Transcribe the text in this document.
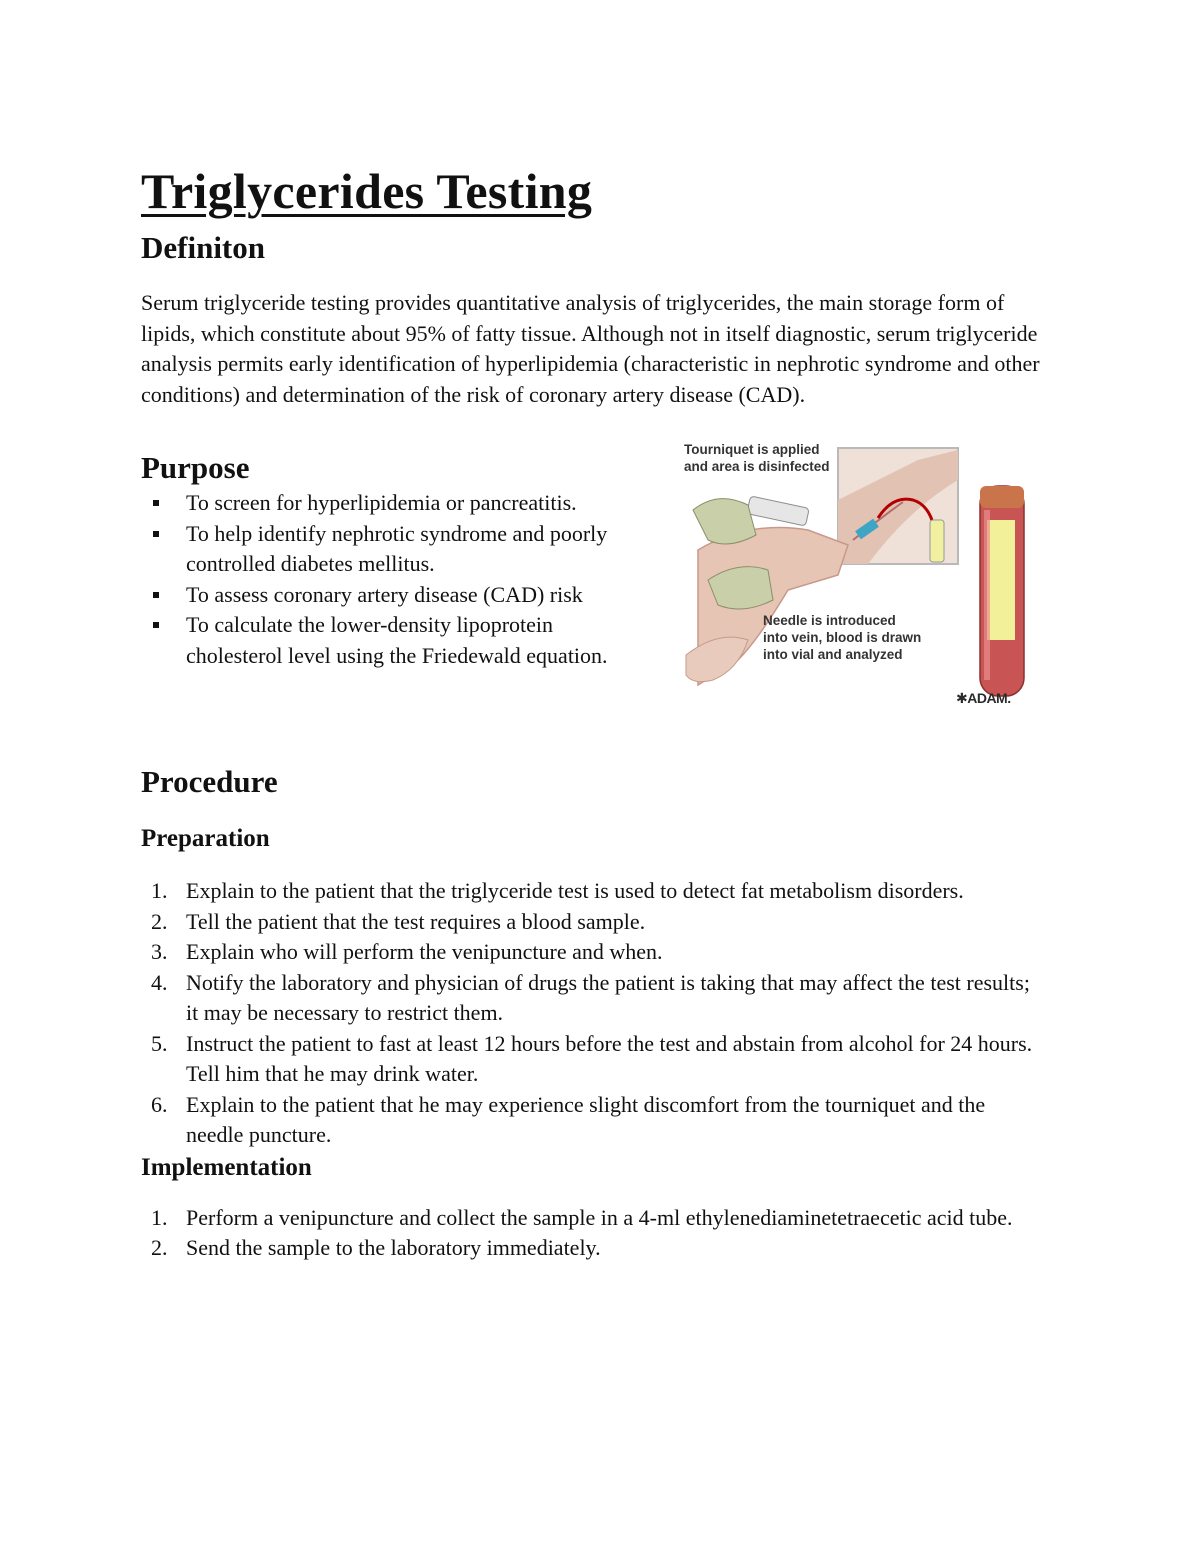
Triglycerides Testing
Definiton

Serum triglyceride testing provides quantitative analysis of triglycerides, the main storage form of lipids, which constitute about 95% of fatty tissue. Although not in itself diagnostic, serum triglyceride analysis permits early identification of hyperlipidemia (characteristic in nephrotic syndrome and other conditions) and determination of the risk of coronary artery disease (CAD).

Purpose
To screen for hyperlipidemia or pancreatitis.
To help identify nephrotic syndrome and poorly controlled diabetes mellitus.
To assess coronary artery disease (CAD) risk
To calculate the lower-density lipoprotein cholesterol level using the Friedewald equation.
Tourniquet is applied
and area is disinfected
Needle is introduced
into vein, blood is drawn
into vial and analyzed
✱ADAM.
Procedure
Preparation
1. Explain to the patient that the triglyceride test is used to detect fat metabolism disorders.
2. Tell the patient that the test requires a blood sample.
3. Explain who will perform the venipuncture and when.
4. Notify the laboratory and physician of drugs the patient is taking that may affect the test results; it may be necessary to restrict them.
5. Instruct the patient to fast at least 12 hours before the test and abstain from alcohol for 24 hours. Tell him that he may drink water.
6. Explain to the patient that he may experience slight discomfort from the tourniquet and the needle puncture.
Implementation
1. Perform a venipuncture and collect the sample in a 4-ml ethylenediaminetetraecetic acid tube.
2. Send the sample to the laboratory immediately.
